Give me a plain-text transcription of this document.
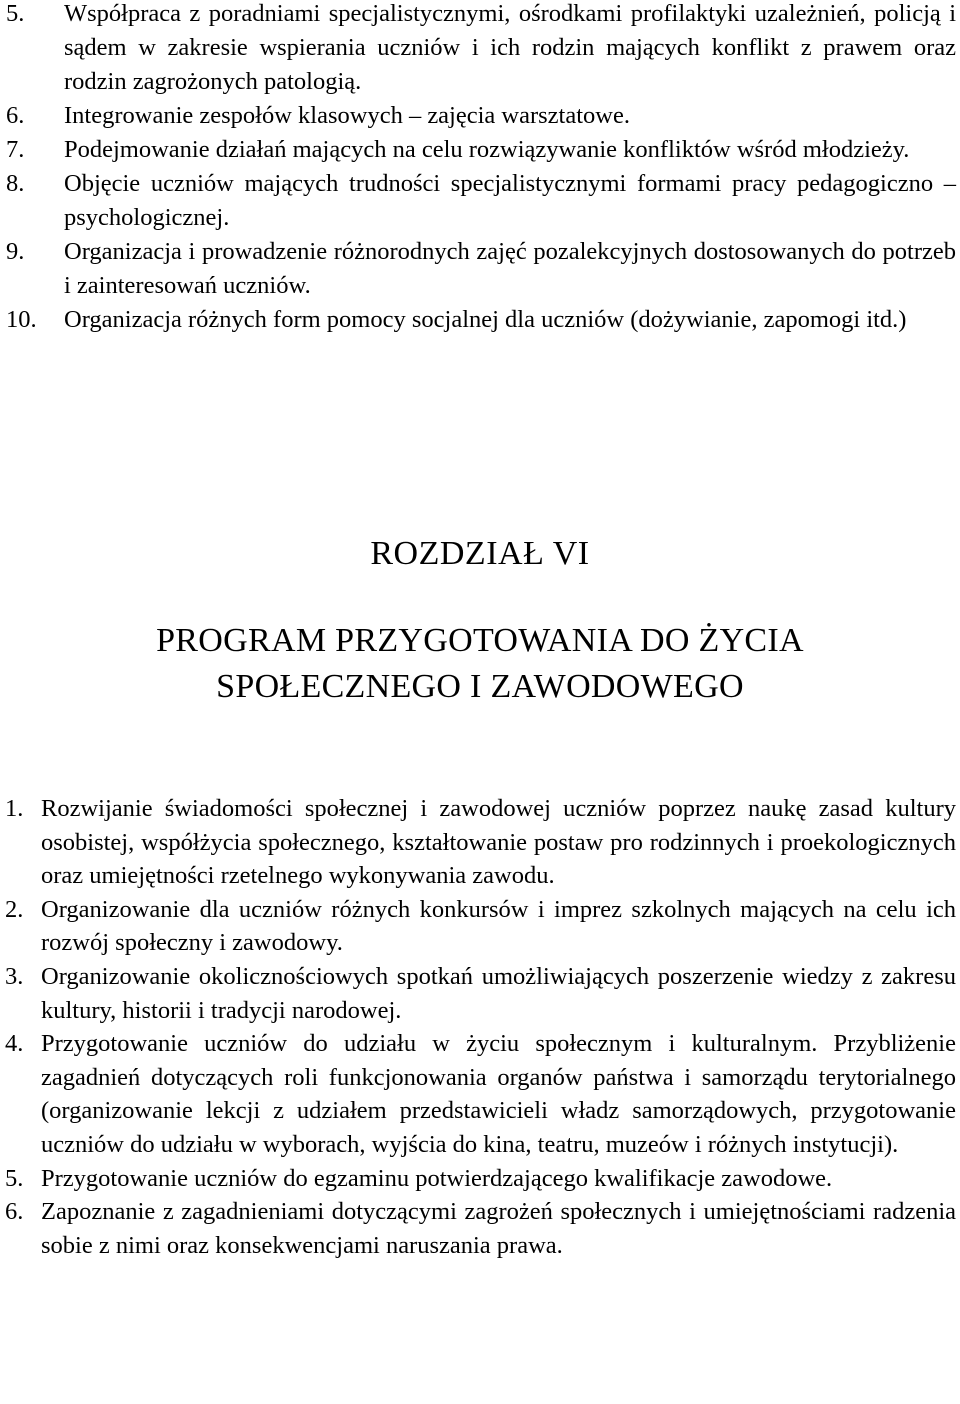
5. Współpraca z poradniami specjalistycznymi, ośrodkami profilaktyki uzależnień, policją i sądem w zakresie wspierania uczniów i ich rodzin mających konflikt z prawem oraz rodzin zagrożonych patologią.
6. Integrowanie zespołów klasowych – zajęcia warsztatowe.
7. Podejmowanie działań mających na celu rozwiązywanie konfliktów wśród młodzieży.
8. Objęcie uczniów mających trudności specjalistycznymi formami pracy pedagogiczno – psychologicznej.
9. Organizacja i prowadzenie różnorodnych zajęć pozalekcyjnych dostosowanych do potrzeb i zainteresowań uczniów.
10. Organizacja różnych form pomocy socjalnej dla uczniów (dożywianie, zapomogi itd.)
ROZDZIAŁ VI
PROGRAM PRZYGOTOWANIA DO ŻYCIA
SPOŁECZNEGO I ZAWODOWEGO
1. Rozwijanie świadomości społecznej i zawodowej uczniów poprzez naukę zasad kultury osobistej, współżycia społecznego, kształtowanie postaw pro rodzinnych i proekologicznych oraz umiejętności rzetelnego wykonywania zawodu.
2. Organizowanie dla uczniów różnych konkursów i imprez szkolnych mających na celu ich rozwój społeczny i zawodowy.
3. Organizowanie okolicznościowych spotkań umożliwiających poszerzenie wiedzy z zakresu kultury, historii i tradycji narodowej.
4. Przygotowanie uczniów do udziału w życiu społecznym i kulturalnym. Przybliżenie zagadnień dotyczących roli funkcjonowania organów państwa i samorządu terytorialnego (organizowanie lekcji z udziałem przedstawicieli władz samorządowych, przygotowanie uczniów do udziału w wyborach, wyjścia do kina, teatru, muzeów i różnych instytucji).
5. Przygotowanie uczniów do egzaminu potwierdzającego kwalifikacje zawodowe.
6. Zapoznanie z zagadnieniami dotyczącymi zagrożeń społecznych i umiejętnościami radzenia sobie z nimi oraz konsekwencjami naruszania prawa.
